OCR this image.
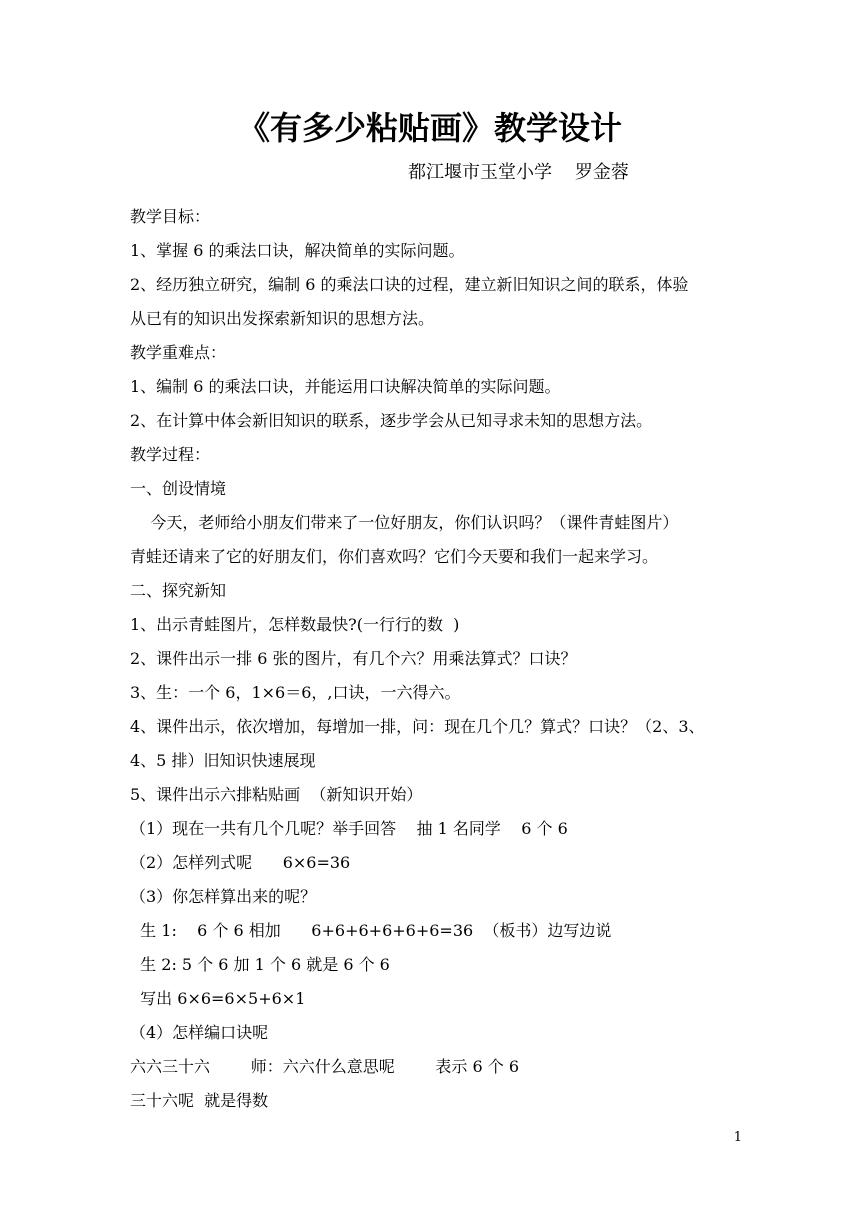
《有多少粘贴画》教学设计
都江堰市玉堂小学    罗金蓉
教学目标：
1、掌握 6 的乘法口诀，解决简单的实际问题。
2、经历独立研究，编制 6 的乘法口诀的过程，建立新旧知识之间的联系，体验
从已有的知识出发探索新知识的思想方法。
教学重难点：
1、编制 6 的乘法口诀，并能运用口诀解决简单的实际问题。
2、在计算中体会新旧知识的联系，逐步学会从已知寻求未知的思想方法。
教学过程：
一、创设情境
今天，老师给小朋友们带来了一位好朋友，你们认识吗？（课件青蛙图片）
青蛙还请来了它的好朋友们，你们喜欢吗？它们今天要和我们一起来学习。
二、探究新知
1、出示青蛙图片，怎样数最快?(一行行的数  )
2、课件出示一排 6 张的图片，有几个六？用乘法算式？口诀？
3、生：一个 6，1×6＝6，,口诀，一六得六。
4、课件出示，依次增加，每增加一排，问：现在几个几？算式？口诀？（2、3、
4、5 排）旧知识快速展现
5、课件出示六排粘贴画  （新知识开始）
（1）现在一共有几个几呢？举手回答    抽 1 名同学    6 个 6
（2）怎样列式呢      6×6=36
（3）你怎样算出来的呢？
生 1:    6 个 6 相加      6+6+6+6+6+6=36  （板书）边写边说
生 2: 5 个 6 加 1 个 6 就是 6 个 6
写出 6×6=6×5+6×1
（4）怎样编口诀呢
六六三十六        师：六六什么意思呢        表示 6 个 6
三十六呢  就是得数
1
